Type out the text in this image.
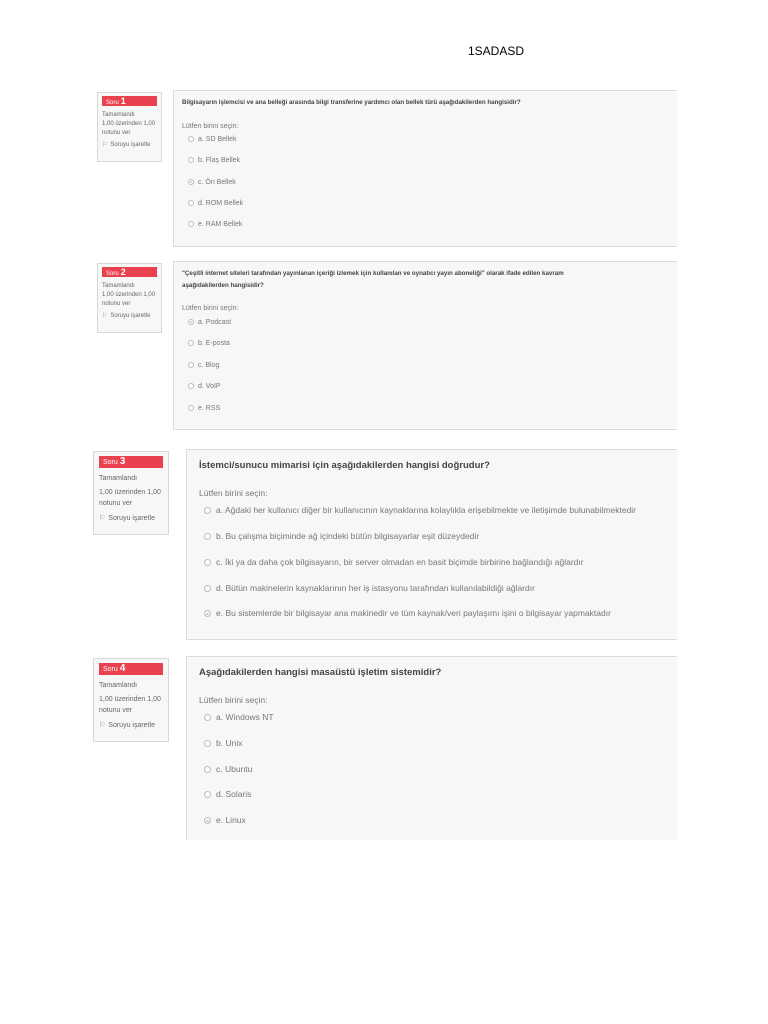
1SADASD
Soru 1
Tamamlandı
1,00 üzerinden 1,00
notunu ver
⚐ Soruyu işaretle
Bilgisayarın işlemcisi ve ana belleği arasında bilgi transferine yardımcı olan bellek türü aşağıdakilerden hangisidir?
Lütfen birini seçin:
a. SD Bellek
b. Flaş Bellek
c. Ön Bellek
d. ROM Bellek
e. RAM Bellek
Soru 2
Tamamlandı
1,00 üzerinden 1,00
notunu ver
⚐ Soruyu işaretle
"Çeşitli internet siteleri tarafından yayınlanan içeriği izlemek için kullanılan ve oynatıcı yayın aboneliği" olarak ifade edilen kavram
aşağıdakilerden hangisidir?
Lütfen birini seçin:
a. Podcast
b. E-posta
c. Blog
d. VoIP
e. RSS
Soru 3
Tamamlandı
1,00 üzerinden 1,00
notunu ver
⚐ Soruyu işaretle
İstemci/sunucu mimarisi için aşağıdakilerden hangisi doğrudur?
Lütfen birini seçin:
a. Ağdaki her kullanıcı diğer bir kullanıcının kaynaklarına kolaylıkla erişebilmekte ve iletişimde bulunabilmektedir
b. Bu çalışma biçiminde ağ içindeki bütün bilgisayarlar eşit düzeydedir
c. İki ya da daha çok bilgisayarın, bir server olmadan en basit biçimde birbirine bağlandığı ağlardır
d. Bütün makinelerin kaynaklarının her iş istasyonu tarafından kullanılabildiği ağlardır
e. Bu sistemlerde bir bilgisayar ana makinedir ve tüm kaynak/veri paylaşımı işini o bilgisayar yapmaktadır
Soru 4
Tamamlandı
1,00 üzerinden 1,00
notunu ver
⚐ Soruyu işaretle
Aşağıdakilerden hangisi masaüstü işletim sistemidir?
Lütfen birini seçin:
a. Windows NT
b. Unix
c. Ubuntu
d. Solaris
e. Linux
